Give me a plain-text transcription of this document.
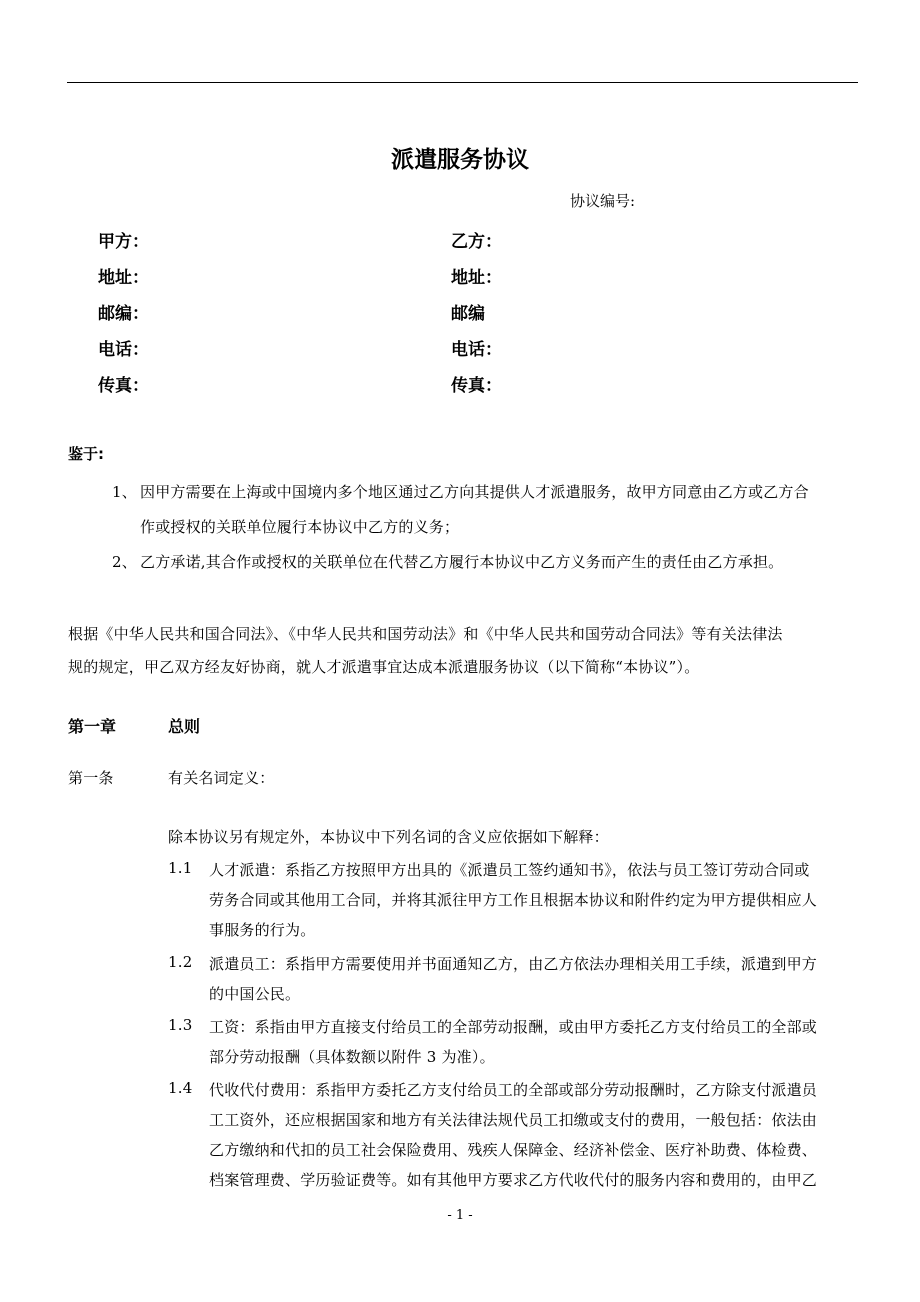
派遣服务协议
协议编号:
甲方：
地址：
邮编：
电话：
传真：
乙方：
地址：
邮编
电话：
传真：
鉴于:
1、 因甲方需要在上海或中国境内多个地区通过乙方向其提供人才派遣服务，故甲方同意由乙方或乙方合
作或授权的关联单位履行本协议中乙方的义务；
2、 乙方承诺,其合作或授权的关联单位在代替乙方履行本协议中乙方义务而产生的责任由乙方承担。
根据《中华人民共和国合同法》、《中华人民共和国劳动法》和《中华人民共和国劳动合同法》等有关法律法
规的规定，甲乙双方经友好协商，就人才派遣事宜达成本派遣服务协议（以下简称“本协议”）。
第一章	总则
第一条	有关名词定义：
除本协议另有规定外，本协议中下列名词的含义应依据如下解释：
1.1 人才派遣：系指乙方按照甲方出具的《派遣员工签约通知书》，依法与员工签订劳动合同或
劳务合同或其他用工合同，并将其派往甲方工作且根据本协议和附件约定为甲方提供相应人
事服务的行为。
1.2 派遣员工：系指甲方需要使用并书面通知乙方，由乙方依法办理相关用工手续，派遣到甲方
的中国公民。
1.3 工资：系指由甲方直接支付给员工的全部劳动报酬，或由甲方委托乙方支付给员工的全部或
部分劳动报酬（具体数额以附件 3 为准）。
1.4 代收代付费用：系指甲方委托乙方支付给员工的全部或部分劳动报酬时，乙方除支付派遣员
工工资外，还应根据国家和地方有关法律法规代员工扣缴或支付的费用，一般包括：依法由
乙方缴纳和代扣的员工社会保险费用、残疾人保障金、经济补偿金、医疗补助费、体检费、
档案管理费、学历验证费等。如有其他甲方要求乙方代收代付的服务内容和费用的，由甲乙
- 1 -
